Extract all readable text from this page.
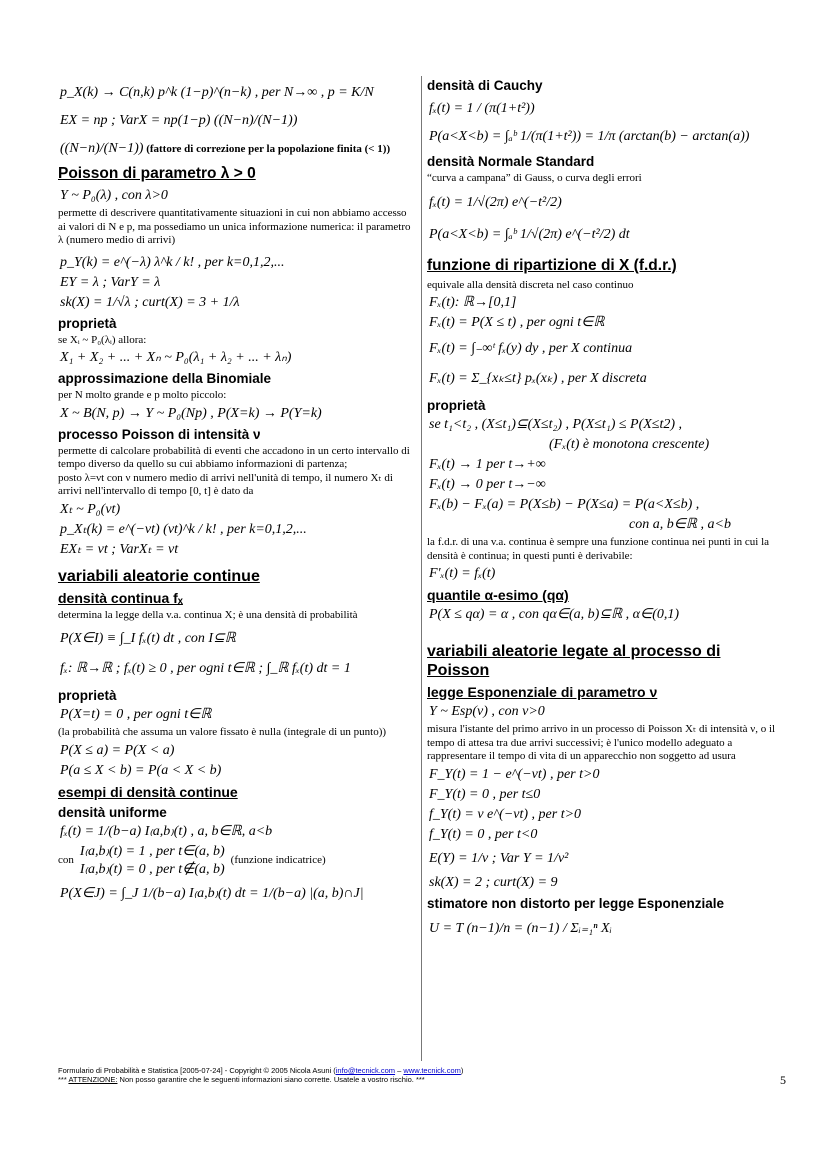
p_X(k) → C(n,k) p^k (1−p)^(n−k) , per N→∞ , p = K/N
EX = np ; VarX = np(1−p) ((N−n)/(N−1))
((N−n)/(N−1)) (fattore di correzione per la popolazione finita (< 1))
Poisson di parametro λ > 0
Y ~ P₀(λ) , con λ>0

permette di descrivere quantitativamente situazioni in cui non abbiamo accesso ai valori di N e p, ma possediamo un unica informazione numerica: il parametro λ (numero medio di arrivi)

p_Y(k) = e^(−λ) λ^k / k! , per k=0,1,2,...
EY = λ ; VarY = λ
sk(X) = 1/√λ ; curt(X) = 3 + 1/λ
proprietà

se Xᵢ ~ P₀(λᵢ) allora:

X₁ + X₂ + ... + Xₙ ~ P₀(λ₁ + λ₂ + ... + λₙ)
approssimazione della Binomiale

per N molto grande e p molto piccolo:

X ~ B(N, p) → Y ~ P₀(Np) , P(X=k) → P(Y=k)
processo Poisson di intensità ν

permette di calcolare probabilità di eventi che accadono in un certo intervallo di tempo diverso da quello su cui abbiamo informazioni di partenza;

posto λ=νt con ν numero medio di arrivi nell'unità di tempo, il numero Xₜ di arrivi nell'intervallo di tempo [0, t] è dato da

Xₜ ~ P₀(νt)
p_Xₜ(k) = e^(−νt) (νt)^k / k! , per k=0,1,2,...
EXₜ = νt ; VarXₜ = νt
variabili aleatorie continue
densità continua fₓ

determina la legge della v.a. continua X; è una densità di probabilità

P(X∈I) ≡ ∫_I fₓ(t) dt , con I⊆ℝ
fₓ: ℝ→ℝ ; fₓ(t) ≥ 0 , per ogni t∈ℝ ; ∫_ℝ fₓ(t) dt = 1
proprietà
P(X=t) = 0 , per ogni t∈ℝ

(la probabilità che assuma un valore fissato è nulla (integrale di un punto))

P(X ≤ a) = P(X < a)
P(a ≤ X < b) = P(a < X < b)
esempi di densità continue
densità uniforme
fₓ(t) = 1/(b−a) I₍a,b₎(t) , a, b∈ℝ, a<b
con
I₍a,b₎(t) = 1 , per t∈(a, b)
I₍a,b₎(t) = 0 , per t∉(a, b)
(funzione indicatrice)
P(X∈J) = ∫_J 1/(b−a) I₍a,b₎(t) dt = 1/(b−a) |(a, b)∩J|
densità di Cauchy
fₓ(t) = 1 / (π(1+t²))
P(a<X<b) = ∫ₐᵇ 1/(π(1+t²)) = 1/π (arctan(b) − arctan(a))
densità Normale Standard

“curva a campana” di Gauss, o curva degli errori

fₓ(t) = 1/√(2π) e^(−t²/2)
P(a<X<b) = ∫ₐᵇ 1/√(2π) e^(−t²/2) dt
funzione di ripartizione di X (f.d.r.)

equivale alla densità discreta nel caso continuo

Fₓ(t): ℝ→[0,1]
Fₓ(t) = P(X ≤ t) , per ogni t∈ℝ
Fₓ(t) = ∫₋∞ᵗ fₓ(y) dy , per X continua
Fₓ(t) = Σ_{xₖ≤t} pₓ(xₖ) , per X discreta
proprietà
se t₁<t₂ , (X≤t₁)⊆(X≤t₂) , P(X≤t₁) ≤ P(X≤t2) ,
(Fₓ(t) è monotona crescente)
Fₓ(t) → 1 per t→+∞
Fₓ(t) → 0 per t→−∞
Fₓ(b) − Fₓ(a) = P(X≤b) − P(X≤a) = P(a<X≤b) ,
con a, b∈ℝ , a<b

la f.d.r. di una v.a. continua è sempre una funzione continua nei punti in cui la densità è continua; in questi punti è derivabile:

F′ₓ(t) = fₓ(t)
quantile α-esimo (qα)
P(X ≤ qα) = α , con qα∈(a, b)⊆ℝ , α∈(0,1)
variabili aleatorie legate al processo di Poisson
legge Esponenziale di parametro ν
Y ~ Esp(ν) , con ν>0

misura l'istante del primo arrivo in un processo di Poisson Xₜ di intensità ν, o il tempo di attesa tra due arrivi successivi; è l'unico modello adeguato a rappresentare il tempo di vita di un apparecchio non soggetto ad usura

F_Y(t) = 1 − e^(−νt) , per t>0
F_Y(t) = 0 , per t≤0
f_Y(t) = ν e^(−νt) , per t>0
f_Y(t) = 0 , per t<0
E(Y) = 1/ν ; Var Y = 1/ν²
sk(X) = 2 ; curt(X) = 9
stimatore non distorto per legge Esponenziale
U = T (n−1)/n = (n−1) / Σᵢ₌₁ⁿ Xᵢ
Formulario di Probabilità e Statistica [2005-07-24] - Copyright © 2005 Nicola Asuni (info@tecnick.com – www.tecnick.com)
*** ATTENZIONE: Non posso garantire che le seguenti informazioni siano corrette. Usatele a vostro rischio. ***	5
